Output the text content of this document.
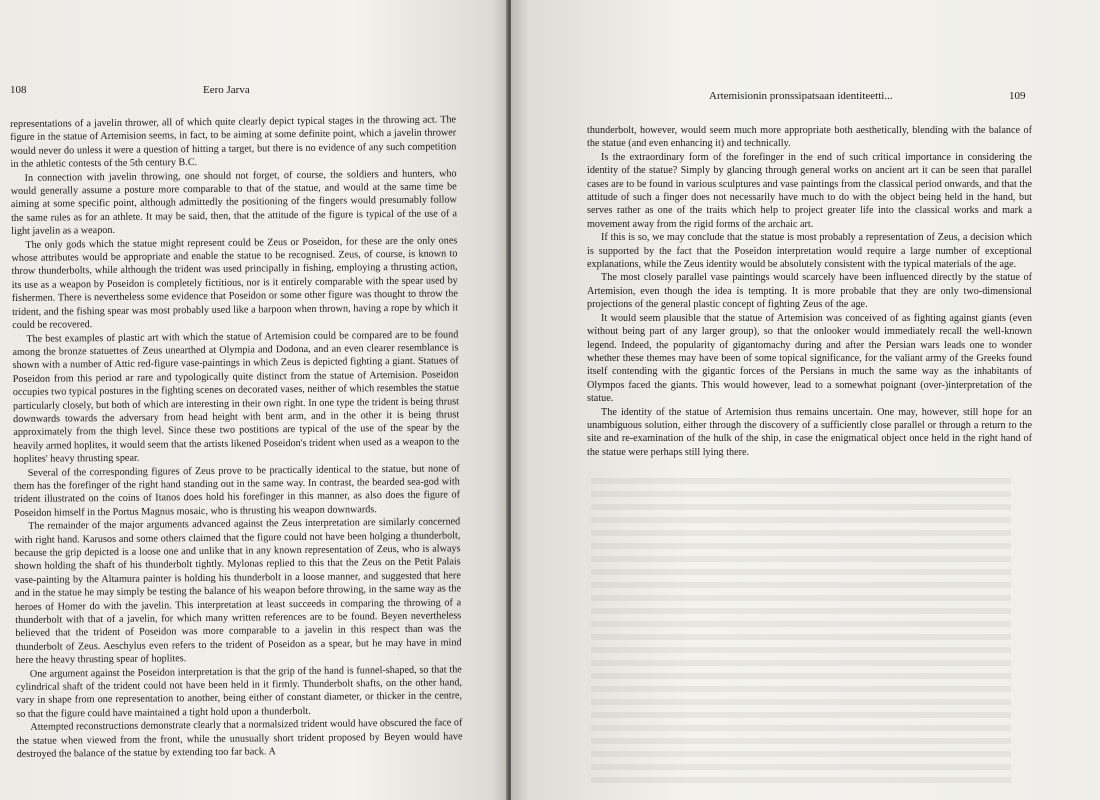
108	Eero Jarva

representations of a javelin thrower, all of which quite clearly depict typical stages in the throwing act. The figure in the statue of Artemision seems, in fact, to be aiming at some definite point, which a javelin thrower would never do unless it were a question of hitting a target, but there is no evidence of any such competition in the athletic contests of the 5th century B.C.

In connection with javelin throwing, one should not forget, of course, the soldiers and hunters, who would generally assume a posture more comparable to that of the statue, and would at the same time be aiming at some specific point, although admittedly the positioning of the fingers would presumably follow the same rules as for an athlete. It may be said, then, that the attitude of the figure is typical of the use of a light javelin as a weapon.

The only gods which the statue might represent could be Zeus or Poseidon, for these are the only ones whose attributes would be appropriate and enable the statue to be recognised. Zeus, of course, is known to throw thunderbolts, while although the trident was used principally in fishing, employing a thrusting action, its use as a weapon by Poseidon is completely fictitious, nor is it entirely comparable with the spear used by fishermen. There is nevertheless some evidence that Poseidon or some other figure was thought to throw the trident, and the fishing spear was most probably used like a harpoon when thrown, having a rope by which it could be recovered.

The best examples of plastic art with which the statue of Artemision could be compared are to be found among the bronze statuettes of Zeus unearthed at Olympia and Dodona, and an even clearer resemblance is shown with a number of Attic red-figure vase-paintings in which Zeus is depicted fighting a giant. Statues of Poseidon from this period ar rare and typologically quite distinct from the statue of Artemision. Poseidon occupies two typical postures in the fighting scenes on decorated vases, neither of which resembles the statue particularly closely, but both of which are interesting in their own right. In one type the trident is being thrust downwards towards the adversary from head height with bent arm, and in the other it is being thrust approximately from the thigh level. Since these two postitions are typical of the use of the spear by the heavily armed hoplites, it would seem that the artists likened Poseidon's trident when used as a weapon to the hoplites' heavy thrusting spear.

Several of the corresponding figures of Zeus prove to be practically identical to the statue, but none of them has the forefinger of the right hand standing out in the same way. In contrast, the bearded sea-god with trident illustrated on the coins of Itanos does hold his forefinger in this manner, as also does the figure of Poseidon himself in the Portus Magnus mosaic, who is thrusting his weapon downwards.

The remainder of the major arguments advanced against the Zeus interpretation are similarly concerned with right hand. Karusos and some others claimed that the figure could not have been holging a thunderbolt, because the grip depicted is a loose one and unlike that in any known representation of Zeus, who is always shown holding the shaft of his thunderbolt tightly. Mylonas replied to this that the Zeus on the Petit Palais vase-painting by the Altamura painter is holding his thunderbolt in a loose manner, and suggested that here and in the statue he may simply be testing the balance of his weapon before throwing, in the same way as the heroes of Homer do with the javelin. This interpretation at least succeeds in comparing the throwing of a thunderbolt with that of a javelin, for which many written references are to be found. Beyen nevertheless believed that the trident of Poseidon was more comparable to a javelin in this respect than was the thunderbolt of Zeus. Aeschylus even refers to the trident of Poseidon as a spear, but he may have in mind here the heavy thrusting spear of hoplites.

One argument against the Poseidon interpretation is that the grip of the hand is funnel-shaped, so that the cylindrical shaft of the trident could not have been held in it firmly. Thunderbolt shafts, on the other hand, vary in shape from one representation to another, being either of constant diameter, or thicker in the centre, so that the figure could have maintained a tight hold upon a thunderbolt.

Attempted reconstructions demonstrate clearly that a normalsized trident would have obscured the face of the statue when viewed from the front, while the unusually short trident proposed by Beyen would have destroyed the balance of the statue by extending too far back. A

Artemisionin pronssipatsaan identiteetti...	109

thunderbolt, however, would seem much more appropriate both aesthetically, blending with the balance of the statue (and even enhancing it) and technically.

Is the extraordinary form of the forefinger in the end of such critical importance in considering the identity of the statue? Simply by glancing through general works on ancient art it can be seen that parallel cases are to be found in various sculptures and vase paintings from the classical period onwards, and that the attitude of such a finger does not necessarily have much to do with the object being held in the hand, but serves rather as one of the traits which help to project greater life into the classical works and mark a movement away from the rigid forms of the archaic art.

If this is so, we may conclude that the statue is most probably a representation of Zeus, a decision which is supported by the fact that the Poseidon interpretation would require a large number of exceptional explanations, while the Zeus identity would be absolutely consistent with the typical materials of the age.

The most closely parallel vase paintings would scarcely have been influenced directly by the statue of Artemision, even though the idea is tempting. It is more probable that they are only two-dimensional projections of the general plastic concept of fighting Zeus of the age.

It would seem plausible that the statue of Artemision was conceived of as fighting against giants (even without being part of any larger group), so that the onlooker would immediately recall the well-known legend. Indeed, the popularity of gigantomachy during and after the Persian wars leads one to wonder whether these themes may have been of some topical significance, for the valiant army of the Greeks found itself contending with the gigantic forces of the Persians in much the same way as the inhabitants of Olympos faced the giants. This would however, lead to a somewhat poignant (over-)interpretation of the statue.

The identity of the statue of Artemision thus remains uncertain. One may, however, still hope for an unambiguous solution, either through the discovery of a sufficiently close parallel or through a return to the site and re-examination of the hulk of the ship, in case the enigmatical object once held in the right hand of the statue were perhaps still lying there.
